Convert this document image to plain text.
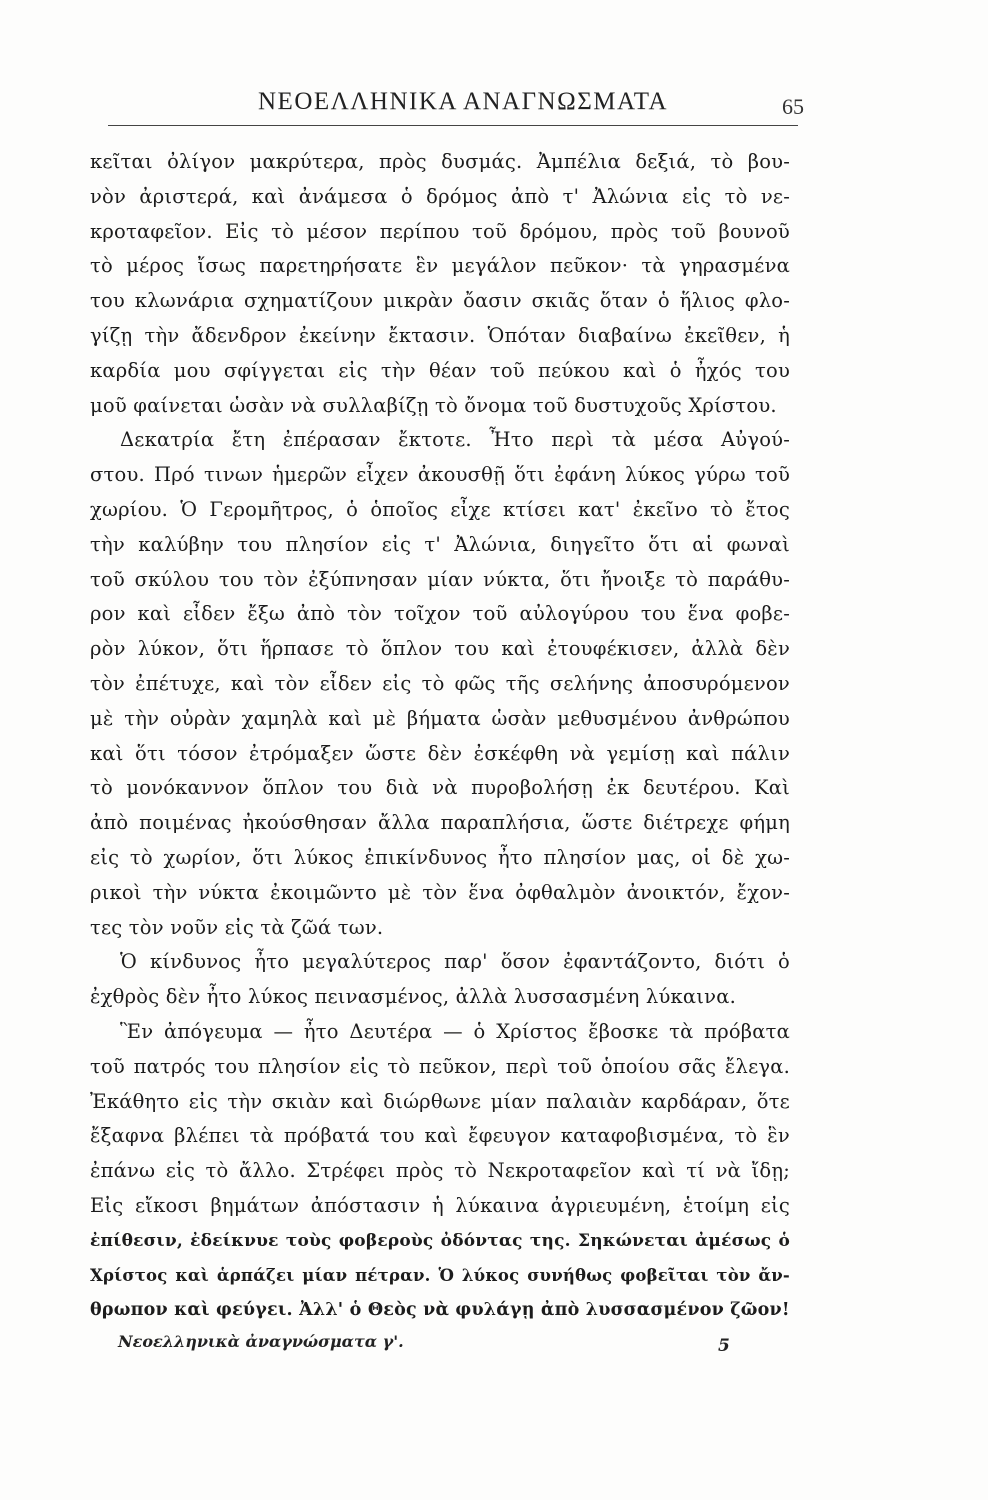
ΝΕΟΕΛΛΗΝΙΚΑ ΑΝΑΓΝΩΣΜΑΤΑ	65
κεῖται ὀλίγον μακρύτερα, πρὸς δυσμάς. Ἀμπέλια δεξιά, τὸ βου-
νὸν ἀριστερά, καὶ ἀνάμεσα ὁ δρόμος ἀπὸ τ' Ἀλώνια εἰς τὸ νε-
κροταφεῖον. Εἰς τὸ μέσον περίπου τοῦ δρόμου, πρὸς τοῦ βουνοῦ
τὸ μέρος ἴσως παρετηρήσατε ἓν μεγάλον πεῦκον· τὰ γηρασμένα
του κλωνάρια σχηματίζουν μικρὰν ὄασιν σκιᾶς ὅταν ὁ ἥλιος φλο-
γίζῃ τὴν ἄδενδρον ἐκείνην ἔκτασιν. Ὁπόταν διαβαίνω ἐκεῖθεν, ἡ
καρδία μου σφίγγεται εἰς τὴν θέαν τοῦ πεύκου καὶ ὁ ἦχός του
μοῦ φαίνεται ὡσὰν νὰ συλλαβίζῃ τὸ ὄνομα τοῦ δυστυχοῦς Χρίστου.
Δεκατρία ἔτη ἐπέρασαν ἔκτοτε. Ἦτο περὶ τὰ μέσα Αὐγού-
στου. Πρό τινων ἡμερῶν εἶχεν ἀκουσθῇ ὅτι ἐφάνη λύκος γύρω τοῦ
χωρίου. Ὁ Γερομῆτρος, ὁ ὁποῖος εἶχε κτίσει κατ' ἐκεῖνο τὸ ἔτος
τὴν καλύβην του πλησίον εἰς τ' Ἀλώνια, διηγεῖτο ὅτι αἱ φωναὶ
τοῦ σκύλου του τὸν ἐξύπνησαν μίαν νύκτα, ὅτι ἤνοιξε τὸ παράθυ-
ρον καὶ εἶδεν ἔξω ἀπὸ τὸν τοῖχον τοῦ αὐλογύρου του ἕνα φοβε-
ρὸν λύκον, ὅτι ἥρπασε τὸ ὅπλον του καὶ ἐτουφέκισεν, ἀλλὰ δὲν
τὸν ἐπέτυχε, καὶ τὸν εἶδεν εἰς τὸ φῶς τῆς σελήνης ἀποσυρόμενον
μὲ τὴν οὐρὰν χαμηλὰ καὶ μὲ βήματα ὡσὰν μεθυσμένου ἀνθρώπου
καὶ ὅτι τόσον ἐτρόμαξεν ὥστε δὲν ἐσκέφθη νὰ γεμίσῃ καὶ πάλιν
τὸ μονόκαννον ὅπλον του διὰ νὰ πυροβολήσῃ ἐκ δευτέρου. Καὶ
ἀπὸ ποιμένας ἠκούσθησαν ἄλλα παραπλήσια, ὥστε διέτρεχε φήμη
εἰς τὸ χωρίον, ὅτι λύκος ἐπικίνδυνος ἦτο πλησίον μας, οἱ δὲ χω-
ρικοὶ τὴν νύκτα ἐκοιμῶντο μὲ τὸν ἕνα ὀφθαλμὸν ἀνοικτόν, ἔχον-
τες τὸν νοῦν εἰς τὰ ζῶά των.
Ὁ κίνδυνος ἦτο μεγαλύτερος παρ' ὅσον ἐφαντάζοντο, διότι ὁ
ἐχθρὸς δὲν ἦτο λύκος πεινασμένος, ἀλλὰ λυσσασμένη λύκαινα.
Ἓν ἀπόγευμα — ἦτο Δευτέρα — ὁ Χρίστος ἔβοσκε τὰ πρόβατα
τοῦ πατρός του πλησίον εἰς τὸ πεῦκον, περὶ τοῦ ὁποίου σᾶς ἔλεγα.
Ἐκάθητο εἰς τὴν σκιὰν καὶ διώρθωνε μίαν παλαιὰν καρδάραν, ὅτε
ἔξαφνα βλέπει τὰ πρόβατά του καὶ ἔφευγον καταφοβισμένα, τὸ ἓν
ἐπάνω εἰς τὸ ἄλλο. Στρέφει πρὸς τὸ Νεκροταφεῖον καὶ τί νὰ ἴδῃ;
Εἰς εἴκοσι βημάτων ἀπόστασιν ἡ λύκαινα ἀγριευμένη, ἑτοίμη εἰς
ἐπίθεσιν, ἐδείκνυε τοὺς φοβεροὺς ὀδόντας της. Σηκώνεται ἀμέσως ὁ
Χρίστος καὶ ἁρπάζει μίαν πέτραν. Ὁ λύκος συνήθως φοβεῖται τὸν ἄν-
θρωπον καὶ φεύγει. Ἀλλ' ὁ Θεὸς νὰ φυλάγῃ ἀπὸ λυσσασμένον ζῶον!
Νεοελληνικὰ ἀναγνώσματα γ'.	5
